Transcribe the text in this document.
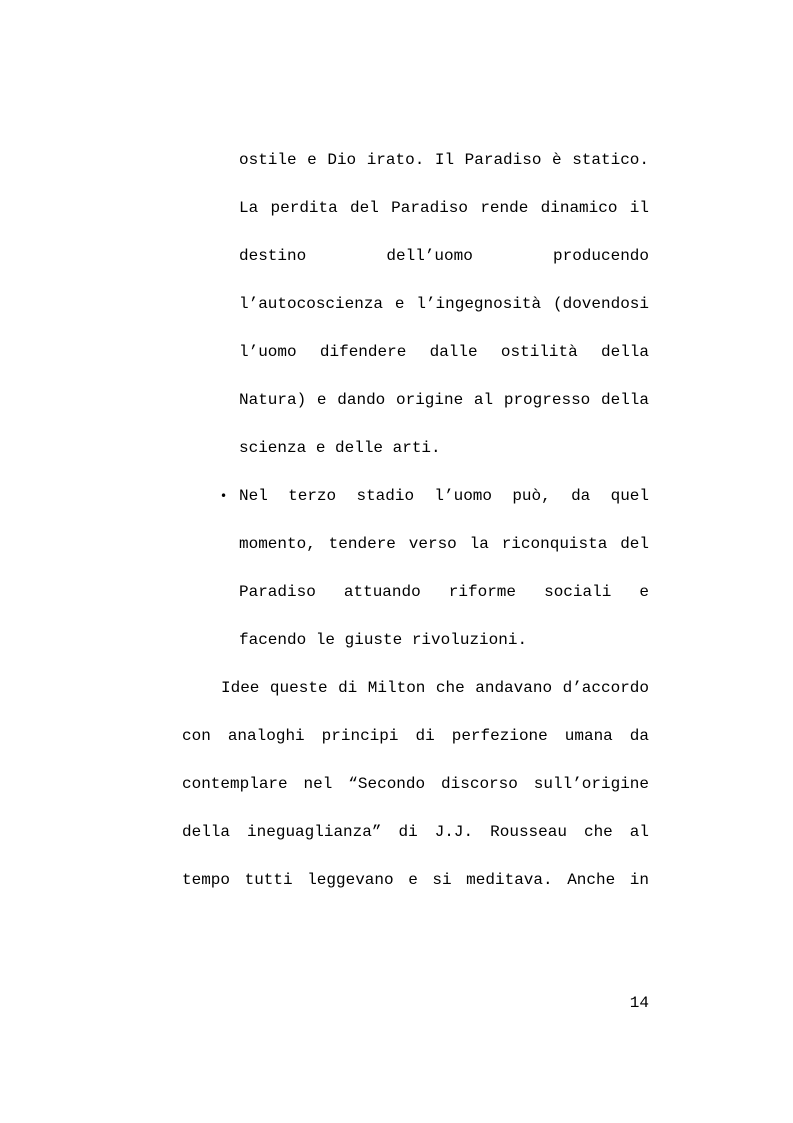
ostile e Dio irato. Il Paradiso è statico.
La perdita del Paradiso rende dinamico il
destino dell’uomo producendo
l’autocoscienza e l’ingegnosità (dovendosi
l’uomo difendere dalle ostilità della
Natura) e dando origine al progresso della
scienza e delle arti.
• Nel terzo stadio l’uomo può, da quel
momento, tendere verso la riconquista del
Paradiso attuando riforme sociali e
facendo le giuste rivoluzioni.
Idee queste di Milton che andavano d’accordo
con analoghi principi di perfezione umana da
contemplare nel “Secondo discorso sull’origine
della ineguaglianza” di J.J. Rousseau che al
tempo tutti leggevano e si meditava. Anche in
14
